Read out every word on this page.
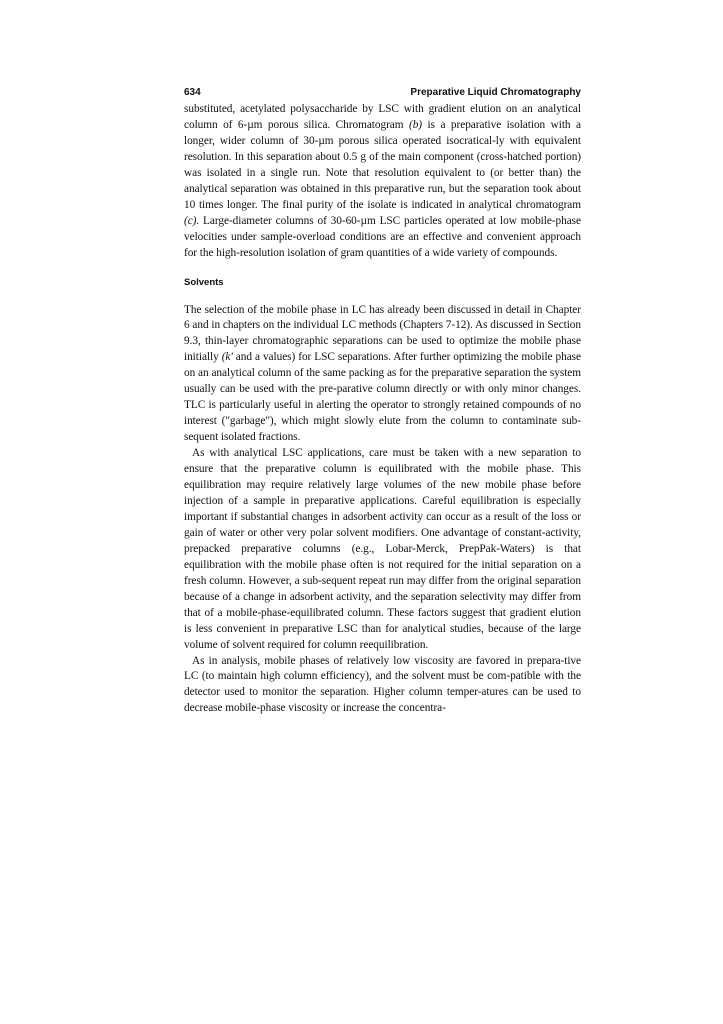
634	Preparative Liquid Chromatography

substituted, acetylated polysaccharide by LSC with gradient elution on an analytical column of 6-µm porous silica. Chromatogram (b) is a preparative isolation with a longer, wider column of 30-µm porous silica operated isocratical-ly with equivalent resolution. In this separation about 0.5 g of the main component (cross-hatched portion) was isolated in a single run. Note that resolution equivalent to (or better than) the analytical separation was obtained in this preparative run, but the separation took about 10 times longer. The final purity of the isolate is indicated in analytical chromatogram (c). Large-diameter columns of 30-60-µm LSC particles operated at low mobile-phase velocities under sample-overload conditions are an effective and convenient approach for the high-resolution isolation of gram quantities of a wide variety of compounds.

Solvents

The selection of the mobile phase in LC has already been discussed in detail in Chapter 6 and in chapters on the individual LC methods (Chapters 7-12). As discussed in Section 9.3, thin-layer chromatographic separations can be used to optimize the mobile phase initially (k' and a values) for LSC separations. After further optimizing the mobile phase on an analytical column of the same packing as for the preparative separation the system usually can be used with the pre-parative column directly or with only minor changes. TLC is particularly useful in alerting the operator to strongly retained compounds of no interest ("garbage"), which might slowly elute from the column to contaminate sub-sequent isolated fractions.

As with analytical LSC applications, care must be taken with a new separation to ensure that the preparative column is equilibrated with the mobile phase. This equilibration may require relatively large volumes of the new mobile phase before injection of a sample in preparative applications. Careful equilibration is especially important if substantial changes in adsorbent activity can occur as a result of the loss or gain of water or other very polar solvent modifiers. One advantage of constant-activity, prepacked preparative columns (e.g., Lobar-Merck, PrepPak-Waters) is that equilibration with the mobile phase often is not required for the initial separation on a fresh column. However, a sub-sequent repeat run may differ from the original separation because of a change in adsorbent activity, and the separation selectivity may differ from that of a mobile-phase-equilibrated column. These factors suggest that gradient elution is less convenient in preparative LSC than for analytical studies, because of the large volume of solvent required for column reequilibration.

As in analysis, mobile phases of relatively low viscosity are favored in prepara-tive LC (to maintain high column efficiency), and the solvent must be com-patible with the detector used to monitor the separation. Higher column temper-atures can be used to decrease mobile-phase viscosity or increase the concentra-
